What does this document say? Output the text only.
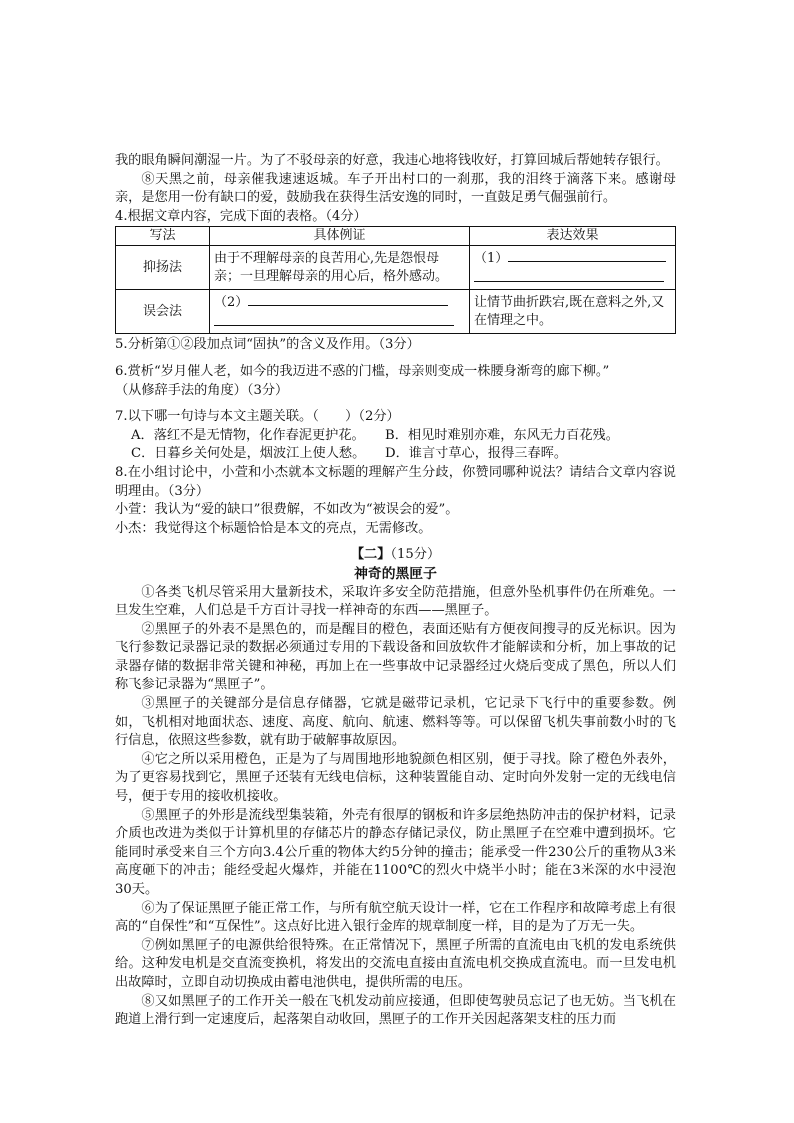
我的眼角瞬间潮湿一片。为了不驳母亲的好意，我违心地将钱收好，打算回城后帮她转存银行。

⑧天黑之前，母亲催我速速返城。车子开出村口的一刹那，我的泪终于滴落下来。感谢母亲，是您用一份有缺口的爱，鼓励我在获得生活安逸的同时，一直鼓足勇气倔强前行。

4.根据文章内容，完成下面的表格。（4分）

写法	具体例证	表达效果
抑扬法	由于不理解母亲的良苦用心,先是怨恨母亲；一旦理解母亲的用心后，格外感动。	（1）

误会法	（2）	让情节曲折跌宕,既在意料之外,又在情理之中。

5.分析第①②段加点词“固执”的含义及作用。（3分）

6.赏析“岁月催人老，如今的我迈进不惑的门槛，母亲则变成一株腰身渐弯的廊下柳。”

（从修辞手法的角度）（3分）

7.以下哪一句诗与本文主题关联。（　　）（2分）

A．落红不是无情物，化作春泥更护花。 B．相见时难别亦难，东风无力百花残。

C．日暮乡关何处是，烟波江上使人愁。 D．谁言寸草心，报得三春晖。

8.在小组讨论中，小萱和小杰就本文标题的理解产生分歧，你赞同哪种说法？请结合文章内容说明理由。（3分）

小萱：我认为“爱的缺口”很费解，不如改为“被误会的爱”。

小杰：我觉得这个标题恰恰是本文的亮点，无需修改。

【二】（15分）

神奇的黑匣子

①各类飞机尽管采用大量新技术，采取许多安全防范措施，但意外坠机事件仍在所难免。一旦发生空难，人们总是千方百计寻找一样神奇的东西——黑匣子。

②黑匣子的外表不是黑色的，而是醒目的橙色，表面还贴有方便夜间搜寻的反光标识。因为飞行参数记录器记录的数据必须通过专用的下载设备和回放软件才能解读和分析，加上事故的记录器存储的数据非常关键和神秘，再加上在一些事故中记录器经过火烧后变成了黑色，所以人们称飞参记录器为“黑匣子”。

③黑匣子的关键部分是信息存储器，它就是磁带记录机，它记录下飞行中的重要参数。例如，飞机相对地面状态、速度、高度、航向、航速、燃料等等。可以保留飞机失事前数小时的飞行信息，依照这些参数，就有助于破解事故原因。

④它之所以采用橙色，正是为了与周围地形地貌颜色相区别，便于寻找。除了橙色外表外，为了更容易找到它，黑匣子还装有无线电信标，这种装置能自动、定时向外发射一定的无线电信号，便于专用的接收机接收。

⑤黑匣子的外形是流线型集装箱，外壳有很厚的钢板和许多层绝热防冲击的保护材料，记录介质也改进为类似于计算机里的存储芯片的静态存储记录仪，防止黑匣子在空难中遭到损坏。它能同时承受来自三个方向3.4公斤重的物体大约5分钟的撞击；能承受一件230公斤的重物从3米高度砸下的冲击；能经受起火爆炸，并能在1100℃的烈火中烧半小时；能在3米深的水中浸泡30天。

⑥为了保证黑匣子能正常工作，与所有航空航天设计一样，它在工作程序和故障考虑上有很高的“自保性”和“互保性”。这点好比进入银行金库的规章制度一样，目的是为了万无一失。

⑦例如黑匣子的电源供给很特殊。在正常情况下，黑匣子所需的直流电由飞机的发电系统供给。这种发电机是交直流变换机，将发出的交流电直接由直流电机交换成直流电。而一旦发电机出故障时，立即自动切换成由蓄电池供电，提供所需的电压。

⑧又如黑匣子的工作开关一般在飞机发动前应接通，但即使驾驶员忘记了也无妨。当飞机在跑道上滑行到一定速度后，起落架自动收回，黑匣子的工作开关因起落架支柱的压力而
